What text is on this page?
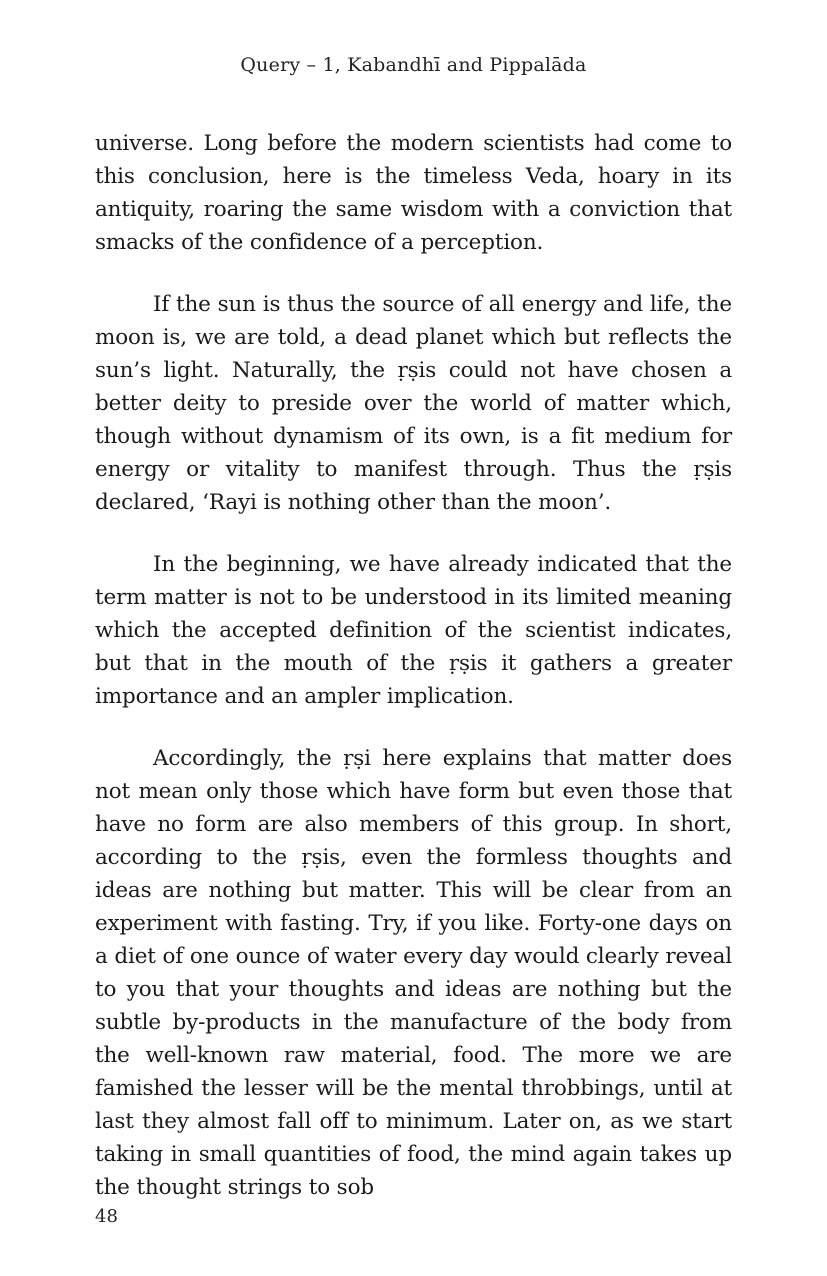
Query – 1, Kabandhī and Pippalāda

universe. Long before the modern scientists had come to this conclusion, here is the timeless Veda, hoary in its antiquity, roaring the same wisdom with a conviction that smacks of the confidence of a perception.

If the sun is thus the source of all energy and life, the moon is, we are told, a dead planet which but reflects the sun’s light. Naturally, the ṛṣis could not have chosen a better deity to preside over the world of matter which, though without dynamism of its own, is a fit medium for energy or vitality to manifest through. Thus the ṛṣis declared, ‘Rayi is nothing other than the moon’.

In the beginning, we have already indicated that the term matter is not to be understood in its limited meaning which the accepted definition of the scientist indicates, but that in the mouth of the ṛṣis it gathers a greater importance and an ampler implication.

Accordingly, the ṛṣi here explains that matter does not mean only those which have form but even those that have no form are also members of this group. In short, according to the ṛṣis, even the formless thoughts and ideas are nothing but matter. This will be clear from an experiment with fasting. Try, if you like. Forty-one days on a diet of one ounce of water every day would clearly reveal to you that your thoughts and ideas are nothing but the subtle by-products in the manufacture of the body from the well-known raw material, food. The more we are famished the lesser will be the mental throbbings, until at last they almost fall off to minimum. Later on, as we start taking in small quantities of food, the mind again takes up the thought strings to sob

48
